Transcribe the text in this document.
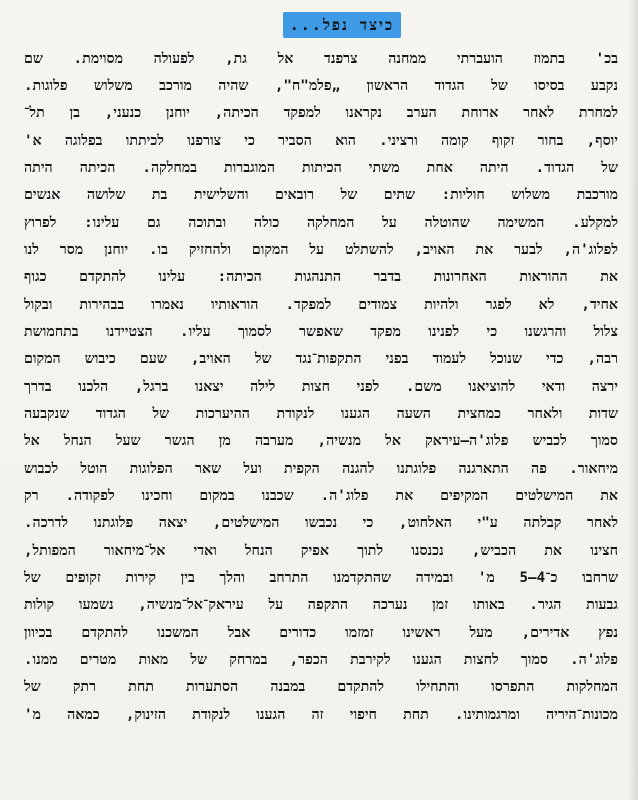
כיצד נפל...
בכ' בתמוז הועברתי ממחנה צרפנד אל גת, לפעולה מסוימת. שם
נקבע בסיסו של הגדוד הראשון „פלמ"ח", שהיה מורכב משלוש פלוגות.
למחרת לאחר ארוחת הערב נקראנו למפקד הכיתה, יוחנן כנעני, בן תל־
יוסף, בחור זקוף קומה ורציני. הוא הסביר כי צורפנו לכיתתו בפלוגה א'
של הגדוד. היתה אחת משתי הכיתות המוגברות במחלקה. הכיתה היתה
מורכבת משלוש חוליות: שתים של רובאים והשלישית בת שלושה אנשים
למקלע. המשימה שהוטלה על המחלקה כולה ובתוכה גם עלינו: לפרוץ
לפלוג'ה, לבער את האויב, להשתלט על המקום ולהחזיק בו. יוחנן מסר לנו
את ההוראות האחרונות בדבר התנהגות הכיתה: עלינו להתקדם כגוף
אחיד, לא לפגר ולהיות צמודים למפקד. הוראותיו נאמרו בבהירות ובקול
צלול והרגשנו כי לפנינו מפקד שאפשר לסמוך עליו. הצטיידנו בתחמושת
רבה, כדי שנוכל לעמוד בפני התקפות־נגד של האויב, שעם כיבוש המקום
ירצה ודאי להוציאנו משם. לפני חצות לילה יצאנו ברגל, הלכנו בדרך
שדות ולאחר כמחצית השעה הגענו לנקודת ההיערכות של הגדוד שנקבעה
סמוך לכביש פלוג'ה—עיראק אל מנשיה, מערבה מן הגשר שעל הנחל אל
מיחאור. פה התארגנה פלוגתנו להגנה הקפית ועל שאר הפלוגות הוטל לכבוש
את המישלטים המקיפים את פלוג'ה. שכבנו במקום וחכינו לפקודה. רק
לאחר קבלתה ע"י האלחוט, כי נכבשו המישלטים, יצאה פלוגתנו לדרכה.
חצינו את הכביש, נכנסנו לתוך אפיק הנחל ואדי אל־מיחאור המפותל,
שרחבו כ־4—5 מ' ובמידה שהתקדמנו התרחב והלך בין קירות זקופים של
גבעות הגיר. באותו זמן נערכה התקפה על עיראק־אל־מנשיה, נשמעו קולות
נפץ אדירים, מעל ראשינו זמזמו כדורים אבל המשכנו להתקדם בכיוון
פלוג'ה. סמוך לחצות הגענו לקירבת הכפר, במרחק של מאות מטרים ממנו.
המחלקות התפרסו והתחילו להתקדם במבנה הסתערות תחת רתק של
מכונות־היריה ומרגמותינו. תחת חיפוי זה הגענו לנקודת הזינוק, כמאה מ'
